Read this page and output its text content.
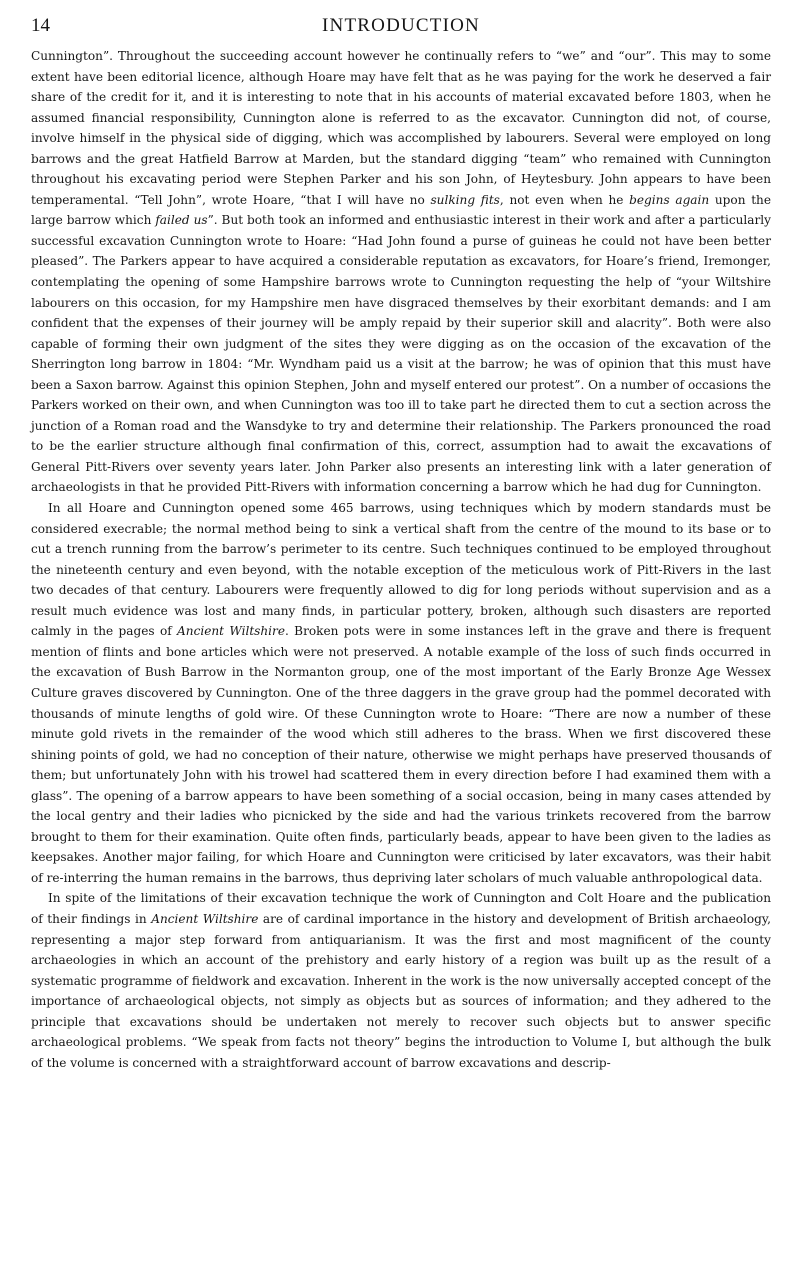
14	INTRODUCTION

Cunnington”. Throughout the succeeding account however he continually refers to “we” and “our”. This may to some extent have been editorial licence, although Hoare may have felt that as he was paying for the work he deserved a fair share of the credit for it, and it is interesting to note that in his accounts of material excavated before 1803, when he assumed financial responsibility, Cunnington alone is referred to as the excavator. Cunnington did not, of course, involve himself in the physical side of digging, which was accomplished by labourers. Several were employed on long barrows and the great Hatfield Barrow at Marden, but the standard digging “team” who remained with Cunnington throughout his excavating period were Stephen Parker and his son John, of Heytesbury. John appears to have been temperamental. “Tell John”, wrote Hoare, “that I will have no sulking fits, not even when he begins again upon the large barrow which failed us”. But both took an informed and enthusiastic interest in their work and after a particularly successful excavation Cunnington wrote to Hoare: “Had John found a purse of guineas he could not have been better pleased”. The Parkers appear to have acquired a considerable reputation as excavators, for Hoare’s friend, Iremonger, contemplating the opening of some Hampshire barrows wrote to Cunnington requesting the help of “your Wiltshire labourers on this occasion, for my Hampshire men have disgraced themselves by their exorbitant demands: and I am confident that the expenses of their journey will be amply repaid by their superior skill and alacrity”. Both were also capable of forming their own judgment of the sites they were digging as on the occasion of the excavation of the Sherrington long barrow in 1804: “Mr. Wyndham paid us a visit at the barrow; he was of opinion that this must have been a Saxon barrow. Against this opinion Stephen, John and myself entered our protest”. On a number of occasions the Parkers worked on their own, and when Cunnington was too ill to take part he directed them to cut a section across the junction of a Roman road and the Wansdyke to try and determine their relationship. The Parkers pronounced the road to be the earlier structure although final confirmation of this, correct, assumption had to await the excavations of General Pitt-Rivers over seventy years later. John Parker also presents an interesting link with a later generation of archaeologists in that he provided Pitt-Rivers with information concerning a barrow which he had dug for Cunnington.

In all Hoare and Cunnington opened some 465 barrows, using techniques which by modern standards must be considered execrable; the normal method being to sink a vertical shaft from the centre of the mound to its base or to cut a trench running from the barrow’s perimeter to its centre. Such techniques continued to be employed throughout the nineteenth century and even beyond, with the notable exception of the meticulous work of Pitt-Rivers in the last two decades of that century. Labourers were frequently allowed to dig for long periods without supervision and as a result much evidence was lost and many finds, in particular pottery, broken, although such disasters are reported calmly in the pages of Ancient Wiltshire. Broken pots were in some instances left in the grave and there is frequent mention of flints and bone articles which were not preserved. A notable example of the loss of such finds occurred in the excavation of Bush Barrow in the Normanton group, one of the most important of the Early Bronze Age Wessex Culture graves discovered by Cunnington. One of the three daggers in the grave group had the pommel decorated with thousands of minute lengths of gold wire. Of these Cunnington wrote to Hoare: “There are now a number of these minute gold rivets in the remainder of the wood which still adheres to the brass. When we first discovered these shining points of gold, we had no conception of their nature, otherwise we might perhaps have preserved thousands of them; but unfortunately John with his trowel had scattered them in every direction before I had examined them with a glass”. The opening of a barrow appears to have been something of a social occasion, being in many cases attended by the local gentry and their ladies who picnicked by the side and had the various trinkets recovered from the barrow brought to them for their examination. Quite often finds, particularly beads, appear to have been given to the ladies as keepsakes. Another major failing, for which Hoare and Cunnington were criticised by later excavators, was their habit of re-interring the human remains in the barrows, thus depriving later scholars of much valuable anthropological data.

In spite of the limitations of their excavation technique the work of Cunnington and Colt Hoare and the publication of their findings in Ancient Wiltshire are of cardinal importance in the history and development of British archaeology, representing a major step forward from antiquarianism. It was the first and most magnificent of the county archaeologies in which an account of the prehistory and early history of a region was built up as the result of a systematic programme of fieldwork and excavation. Inherent in the work is the now universally accepted concept of the importance of archaeological objects, not simply as objects but as sources of information; and they adhered to the principle that excavations should be undertaken not merely to recover such objects but to answer specific archaeological problems. “We speak from facts not theory” begins the introduction to Volume I, but although the bulk of the volume is concerned with a straightforward account of barrow excavations and descrip-
